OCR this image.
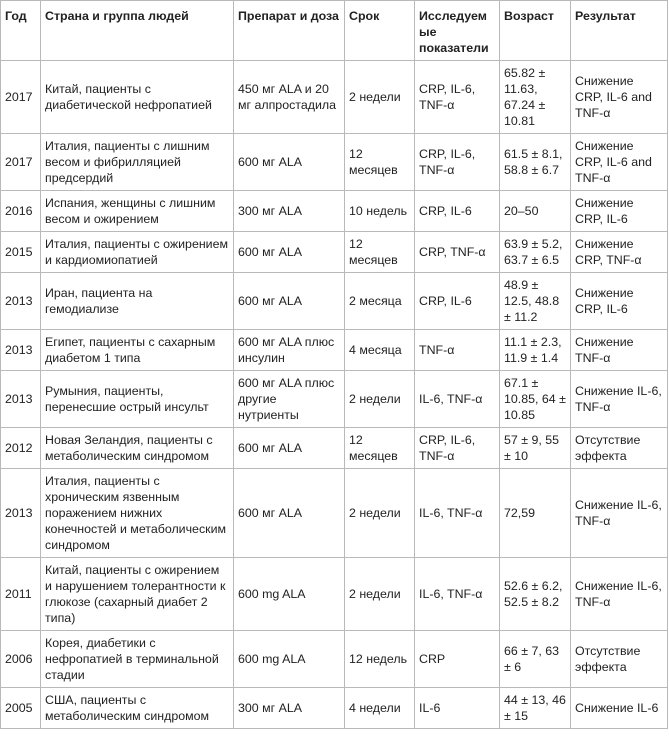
Год	Страна и группа людей	Препарат и доза	Срок	Исследуемые показатели	Возраст	Результат
2017	Китай, пациенты с диабетической нефропатией	450 мг ALA и 20 мг алпростадила	2 недели	CRP, IL-6, TNF-α	65.82 ± 11.63, 67.24 ± 10.81	Снижение CRP, IL-6 and TNF-α
2017	Италия, пациенты с лишним весом и фибрилляцией предсердий	600 мг ALA	12 месяцев	CRP, IL-6, TNF-α	61.5 ± 8.1, 58.8 ± 6.7	Снижение CRP, IL-6 and TNF-α
2016	Испания, женщины с лишним весом и ожирением	300 мг ALA	10 недель	CRP, IL-6	20–50	Снижение CRP, IL-6
2015	Италия, пациенты с ожирением и кардиомиопатией	600 мг ALA	12 месяцев	CRP, TNF-α	63.9 ± 5.2, 63.7 ± 6.5	Снижение CRP, TNF-α
2013	Иран, пациента на гемодиализе	600 мг ALA	2 месяца	CRP, IL-6	48.9 ± 12.5, 48.8 ± 11.2	Снижение CRP, IL-6
2013	Египет, пациенты с сахарным диабетом 1 типа	600 мг ALA плюс инсулин	4 месяца	TNF-α	11.1 ± 2.3, 11.9 ± 1.4	Снижение TNF-α
2013	Румыния, пациенты, перенесшие острый инсульт	600 мг ALA плюс другие нутриенты	2 недели	IL-6, TNF-α	67.1 ± 10.85, 64 ± 10.85	Снижение IL-6, TNF-α
2012	Новая Зеландия, пациенты с метаболическим синдромом	600 мг ALA	12 месяцев	CRP, IL-6, TNF-α	57 ± 9, 55 ± 10	Отсутствие эффекта
2013	Италия, пациенты с хроническим язвенным поражением нижних конечностей и метаболическим синдромом	600 мг ALA	2 недели	IL-6, TNF-α	72,59	Снижение IL-6, TNF-α
2011	Китай, пациенты с ожирением и нарушением толерантности к глюкозе (сахарный диабет 2 типа)	600 mg ALA	2 недели	IL-6, TNF-α	52.6 ± 6.2, 52.5 ± 8.2	Снижение IL-6, TNF-α
2006	Корея, диабетики с нефропатией в терминальной стадии	600 mg ALA	12 недель	CRP	66 ± 7, 63 ± 6	Отсутствие эффекта
2005	США, пациенты с метаболическим синдромом	300 мг ALA	4 недели	IL-6	44 ± 13, 46 ± 15	Снижение IL-6
